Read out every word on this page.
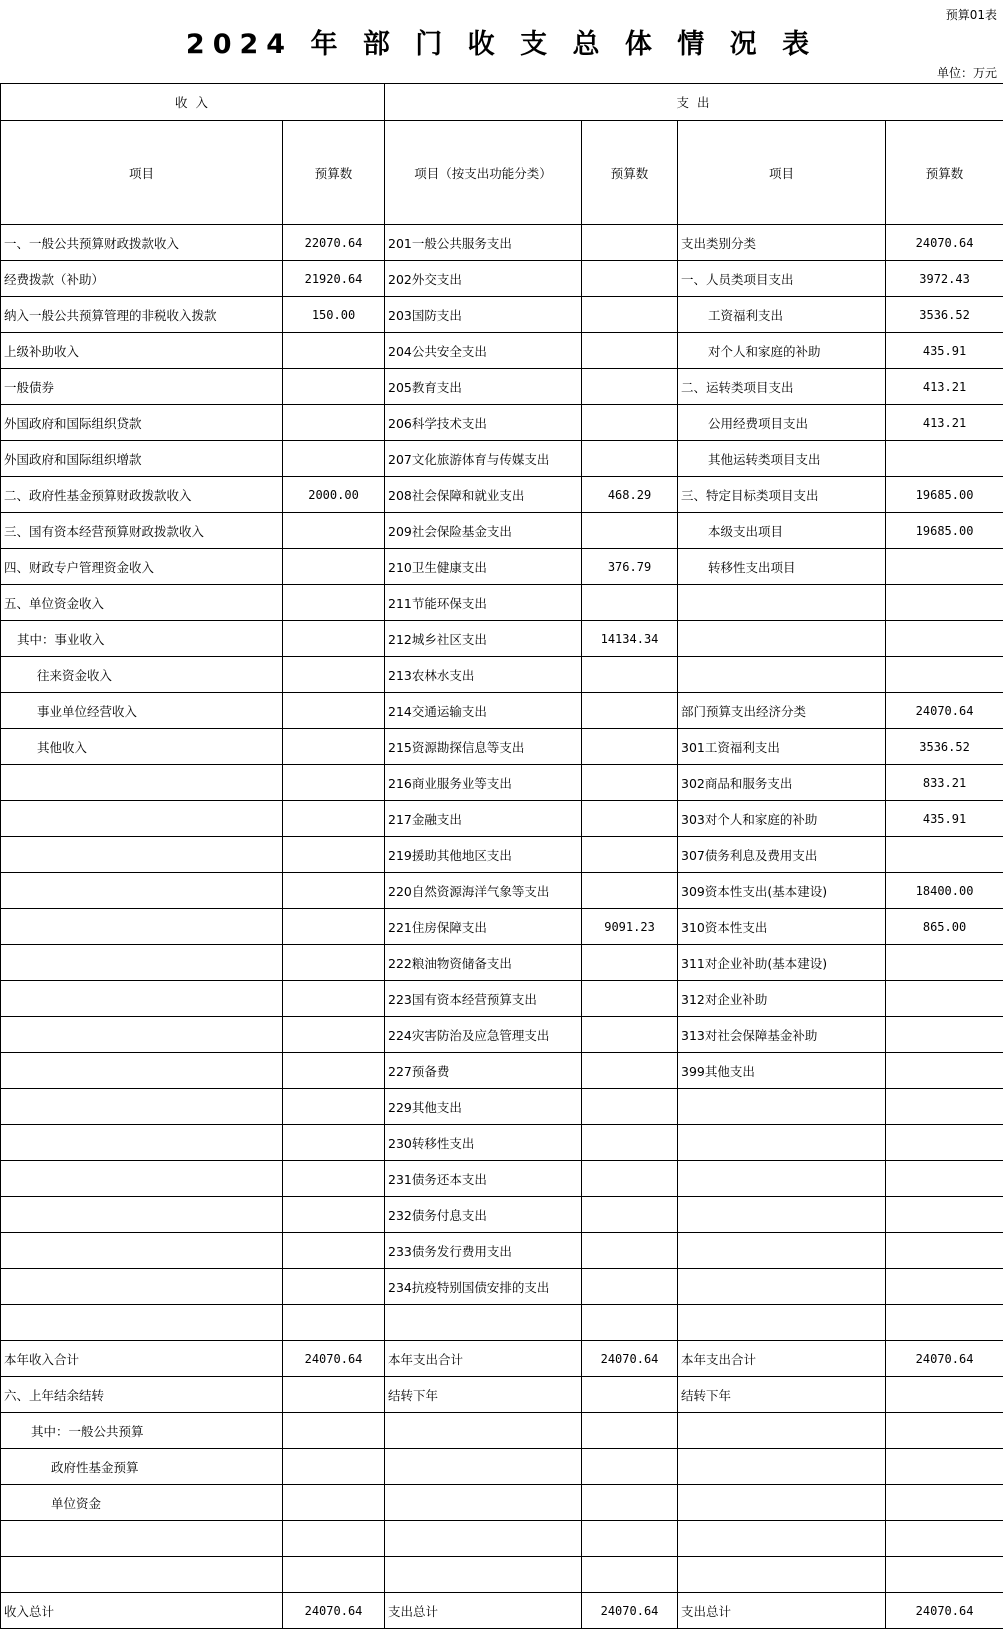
预算01表
2024 年 部 门 收 支 总 体 情 况 表
单位：万元
收 入		支 出			
项目	预算数	项目（按支出功能分类）	预算数	项目	预算数
一、一般公共预算财政拨款收入	22070.64	201一般公共服务支出		支出类别分类	24070.64
经费拨款（补助）	21920.64	202外交支出		一、人员类项目支出	3972.43
纳入一般公共预算管理的非税收入拨款	150.00	203国防支出		工资福利支出	3536.52
上级补助收入		204公共安全支出		对个人和家庭的补助	435.91
一般债券		205教育支出		二、运转类项目支出	413.21
外国政府和国际组织贷款		206科学技术支出		公用经费项目支出	413.21
外国政府和国际组织增款		207文化旅游体育与传媒支出		其他运转类项目支出	
二、政府性基金预算财政拨款收入	2000.00	208社会保障和就业支出	468.29	三、特定目标类项目支出	19685.00
三、国有资本经营预算财政拨款收入		209社会保险基金支出		本级支出项目	19685.00
四、财政专户管理资金收入		210卫生健康支出	376.79	转移性支出项目	
五、单位资金收入		211节能环保支出			
其中：事业收入		212城乡社区支出	14134.34		
往来资金收入		213农林水支出			
事业单位经营收入		214交通运输支出		部门预算支出经济分类	24070.64
其他收入		215资源勘探信息等支出		301工资福利支出	3536.52
		216商业服务业等支出		302商品和服务支出	833.21
		217金融支出		303对个人和家庭的补助	435.91
		219援助其他地区支出		307债务利息及费用支出	
		220自然资源海洋气象等支出		309资本性支出(基本建设)	18400.00
		221住房保障支出	9091.23	310资本性支出	865.00
		222粮油物资储备支出		311对企业补助(基本建设)	
		223国有资本经营预算支出		312对企业补助	
		224灾害防治及应急管理支出		313对社会保障基金补助	
		227预备费		399其他支出	
		229其他支出			
		230转移性支出			
		231债务还本支出			
		232债务付息支出			
		233债务发行费用支出			
		234抗疫特别国债安排的支出			

本年收入合计	24070.64	本年支出合计	24070.64	本年支出合计	24070.64
六、上年结余结转		结转下年		结转下年	
其中：一般公共预算					
政府性基金预算					
单位资金					

收入总计	24070.64	支出总计	24070.64	支出总计	24070.64
